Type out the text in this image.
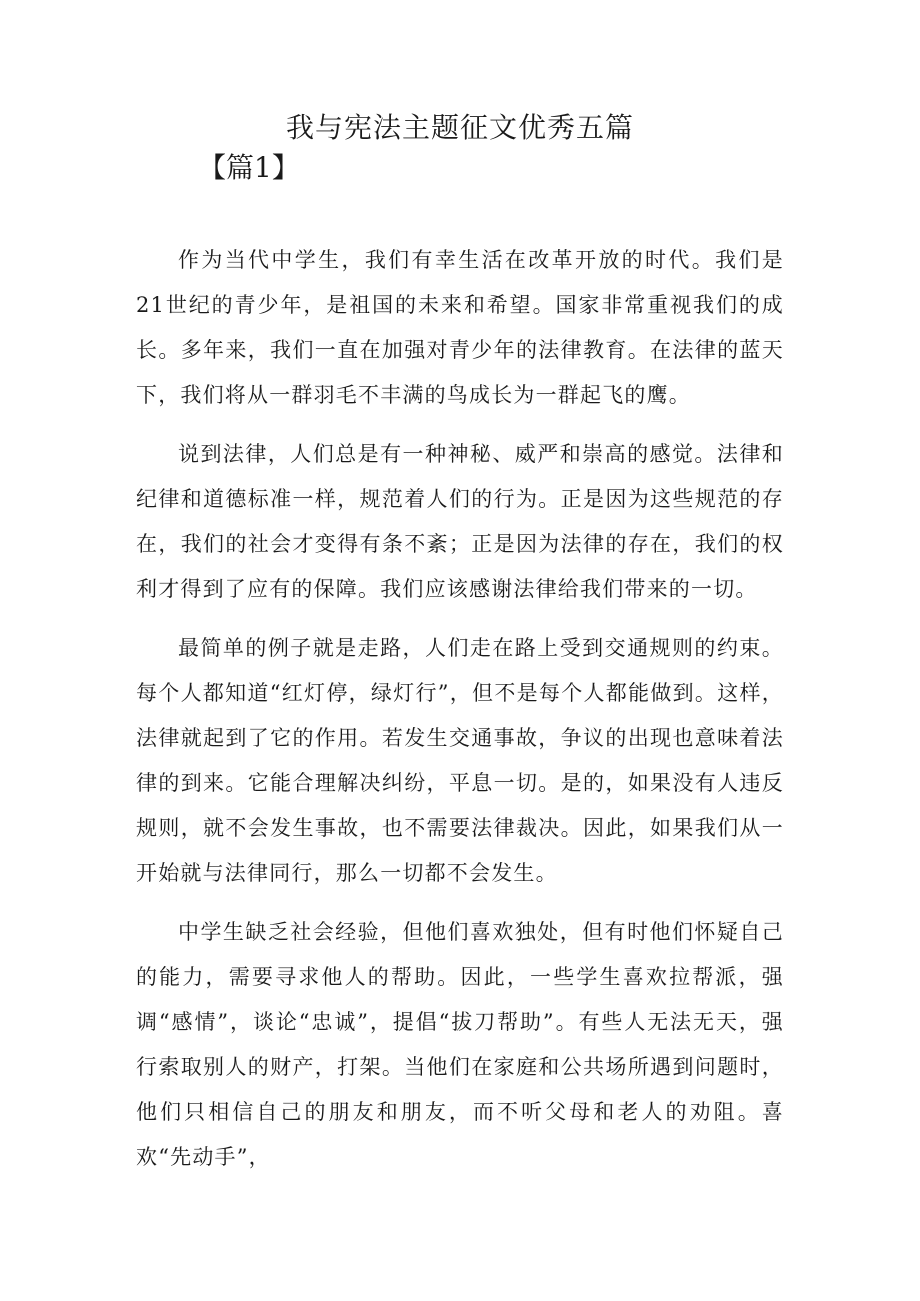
我与宪法主题征文优秀五篇
【篇1】

作为当代中学生，我们有幸生活在改革开放的时代。我们是21世纪的青少年，是祖国的未来和希望。国家非常重视我们的成长。多年来，我们一直在加强对青少年的法律教育。在法律的蓝天下，我们将从一群羽毛不丰满的鸟成长为一群起飞的鹰。

说到法律，人们总是有一种神秘、威严和崇高的感觉。法律和纪律和道德标准一样，规范着人们的行为。正是因为这些规范的存在，我们的社会才变得有条不紊；正是因为法律的存在，我们的权利才得到了应有的保障。我们应该感谢法律给我们带来的一切。

最简单的例子就是走路，人们走在路上受到交通规则的约束。每个人都知道“红灯停，绿灯行”，但不是每个人都能做到。这样，法律就起到了它的作用。若发生交通事故，争议的出现也意味着法律的到来。它能合理解决纠纷，平息一切。是的，如果没有人违反规则，就不会发生事故，也不需要法律裁决。因此，如果我们从一开始就与法律同行，那么一切都不会发生。

中学生缺乏社会经验，但他们喜欢独处，但有时他们怀疑自己的能力，需要寻求他人的帮助。因此，一些学生喜欢拉帮派，强调“感情”，谈论“忠诚”，提倡“拔刀帮助”。有些人无法无天，强行索取别人的财产，打架。当他们在家庭和公共场所遇到问题时，他们只相信自己的朋友和朋友，而不听父母和老人的劝阻。喜欢“先动手”，
